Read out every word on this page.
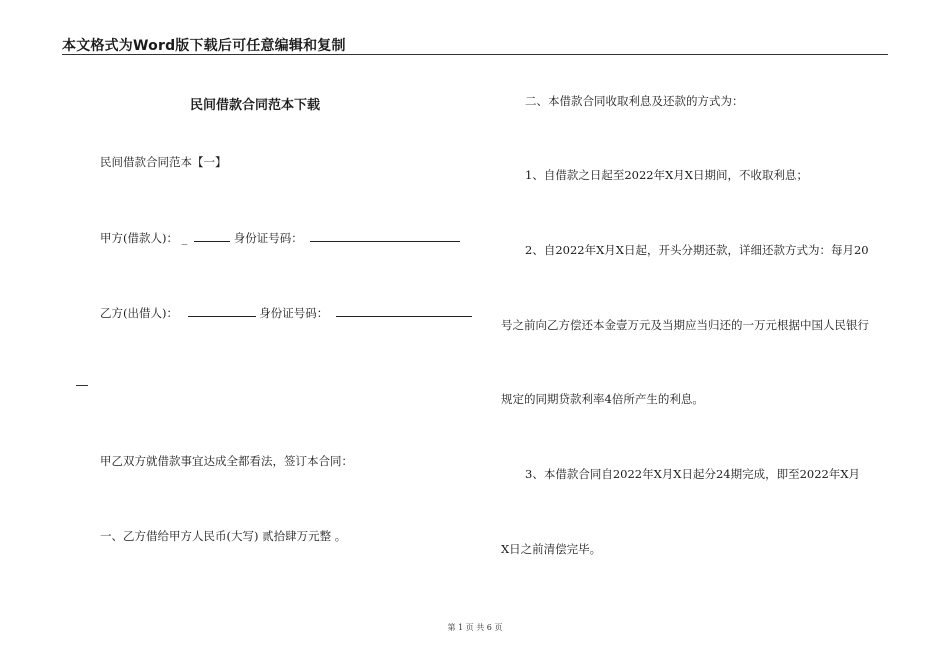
本文格式为Word版下载后可任意编辑和复制
民间借款合同范本下载
民间借款合同范本【一】
甲方(借款人)： _	身份证号码：
乙方(出借人)：	身份证号码：
甲乙双方就借款事宜达成全都看法，签订本合同：
一、乙方借给甲方人民币(大写) 贰拾肆万元整 。
二、本借款合同收取利息及还款的方式为：
1、自借款之日起至2022年X月X日期间，不收取利息；
2、自2022年X月X日起，开头分期还款，详细还款方式为：每月20
号之前向乙方偿还本金壹万元及当期应当归还的一万元根据中国人民银行
规定的同期贷款利率4倍所产生的利息。
3、本借款合同自2022年X月X日起分24期完成，即至2022年X月
X日之前清偿完毕。
第 1 页 共 6 页
